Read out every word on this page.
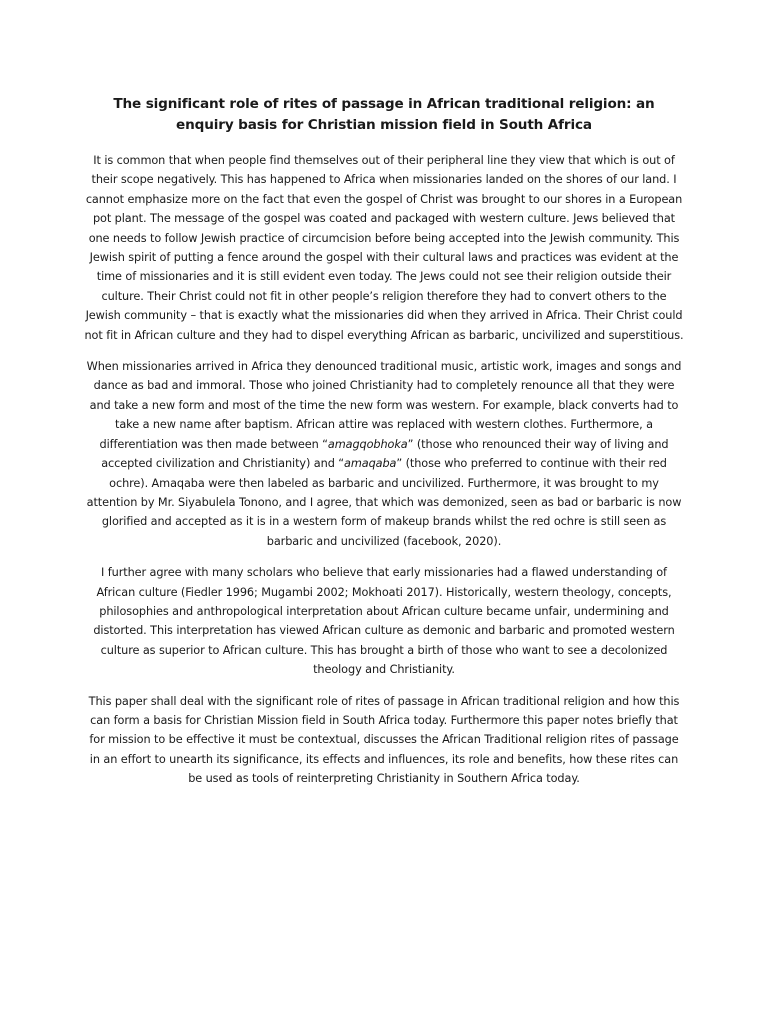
The significant role of rites of passage in African traditional religion: an enquiry basis for Christian mission field in South Africa

It is common that when people find themselves out of their peripheral line they view that which is out of their scope negatively. This has happened to Africa when missionaries landed on the shores of our land. I cannot emphasize more on the fact that even the gospel of Christ was brought to our shores in a European pot plant. The message of the gospel was coated and packaged with western culture. Jews believed that one needs to follow Jewish practice of circumcision before being accepted into the Jewish community. This Jewish spirit of putting a fence around the gospel with their cultural laws and practices was evident at the time of missionaries and it is still evident even today. The Jews could not see their religion outside their culture. Their Christ could not fit in other people’s religion therefore they had to convert others to the Jewish community – that is exactly what the missionaries did when they arrived in Africa. Their Christ could not fit in African culture and they had to dispel everything African as barbaric, uncivilized and superstitious.

When missionaries arrived in Africa they denounced traditional music, artistic work, images and songs and dance as bad and immoral. Those who joined Christianity had to completely renounce all that they were and take a new form and most of the time the new form was western. For example, black converts had to take a new name after baptism. African attire was replaced with western clothes. Furthermore, a differentiation was then made between “amagqobhoka” (those who renounced their way of living and accepted civilization and Christianity) and “amaqaba” (those who preferred to continue with their red ochre). Amaqaba were then labeled as barbaric and uncivilized. Furthermore, it was brought to my attention by Mr. Siyabulela Tonono, and I agree, that which was demonized, seen as bad or barbaric is now glorified and accepted as it is in a western form of makeup brands whilst the red ochre is still seen as barbaric and uncivilized (facebook, 2020).

I further agree with many scholars who believe that early missionaries had a flawed understanding of African culture (Fiedler 1996; Mugambi 2002; Mokhoati 2017). Historically, western theology, concepts, philosophies and anthropological interpretation about African culture became unfair, undermining and distorted. This interpretation has viewed African culture as demonic and barbaric and promoted western culture as superior to African culture. This has brought a birth of those who want to see a decolonized theology and Christianity.

This paper shall deal with the significant role of rites of passage in African traditional religion and how this can form a basis for Christian Mission field in South Africa today. Furthermore this paper notes briefly that for mission to be effective it must be contextual, discusses the African Traditional religion rites of passage in an effort to unearth its significance, its effects and influences, its role and benefits, how these rites can be used as tools of reinterpreting Christianity in Southern Africa today.
